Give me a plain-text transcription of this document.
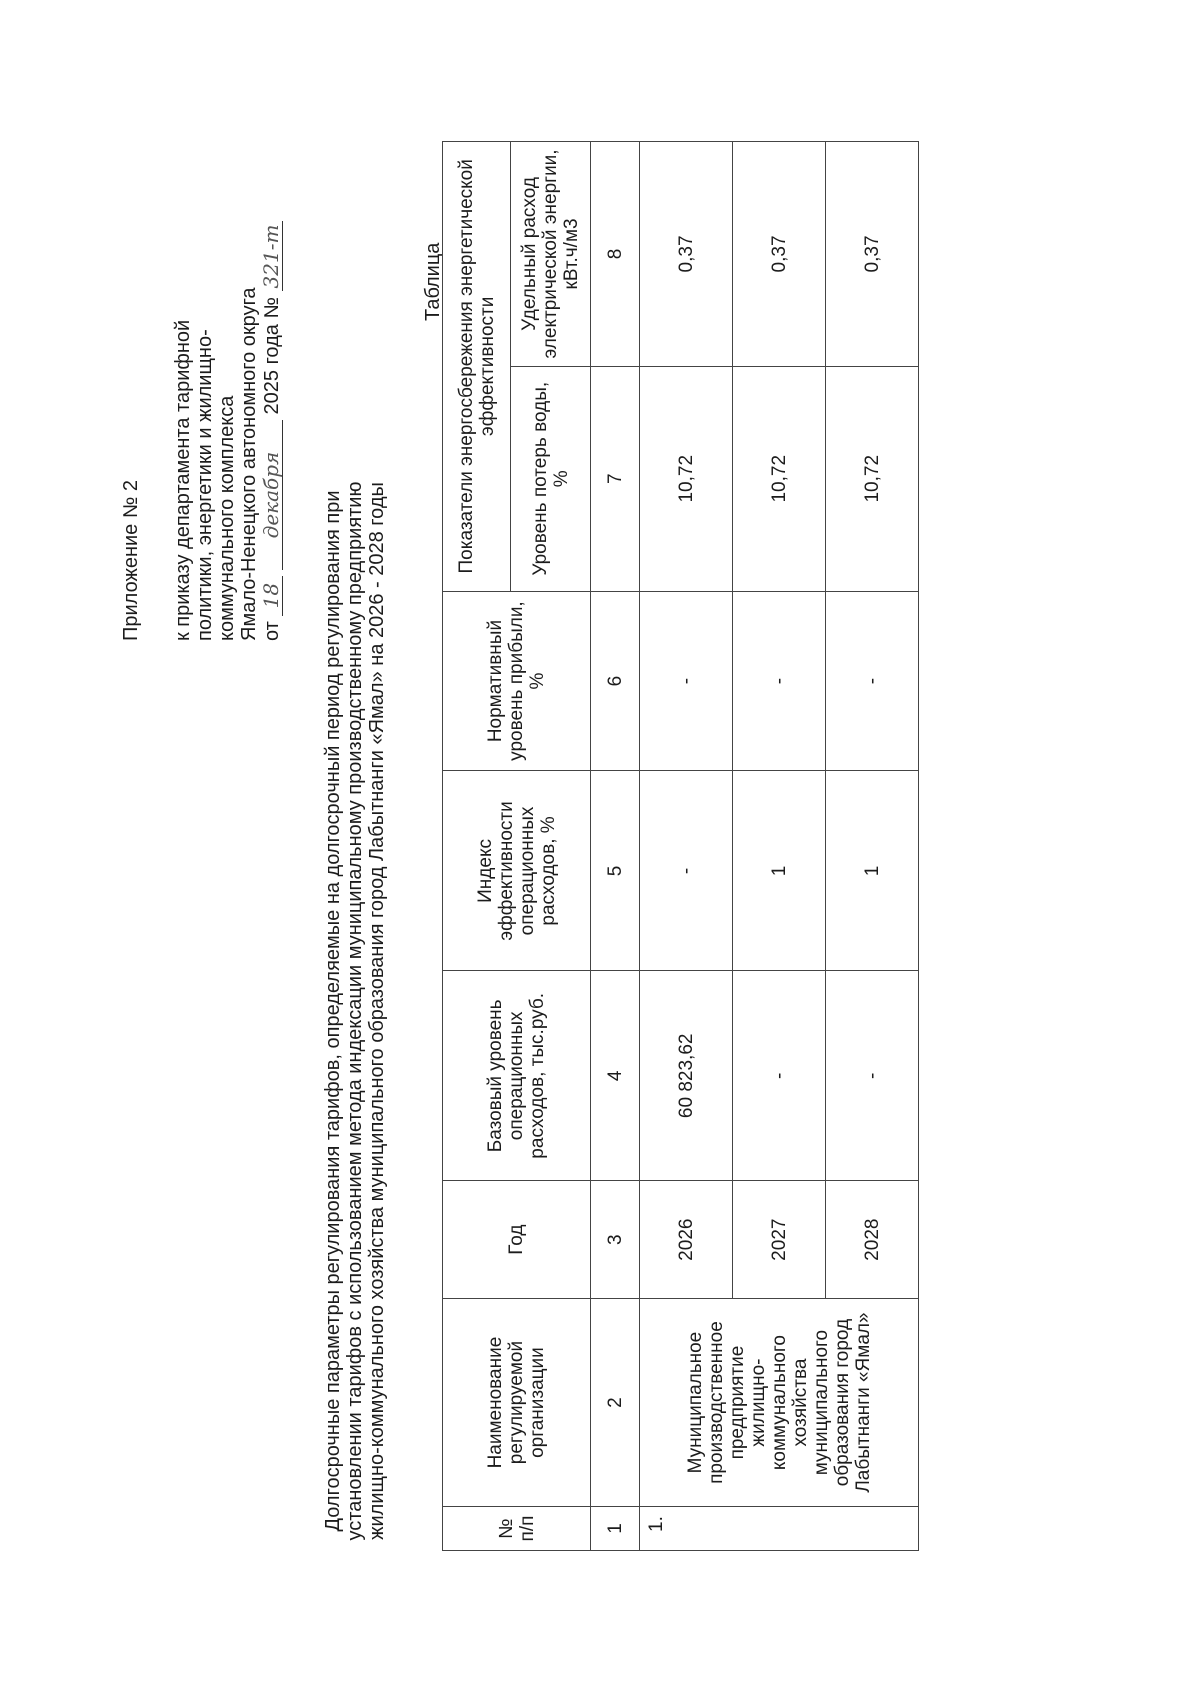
Приложение № 2 к приказу департамента тарифной политики, энергетики и жилищно- коммунального комплекса Ямало-Ненецкого автономного округа от 18 декабря 2025 года № 321-т
Долгосрочные параметры регулирования тарифов, определяемые на долгосрочный период регулирования при установлении тарифов с использованием метода индексации муниципальному производственному предприятию жилищно-коммунального хозяйства муниципального образования город Лабытнанги «Ямал» на 2026 - 2028 годы
Таблица
№ п/п	Наименование регулируемой организации	Год	Базовый уровень операционных расходов, тыс.руб.	Индекс эффективности операционных расходов, %	Нормативный уровень прибыли, %	Показатели энергосбережения энергетической эффективности	
						Уровень потерь воды, %	Удельный расход электрической энергии, кВт.ч/м3
1	2	3	4	5	6	7	8
1.	Муниципальное производственное предприятие жилищно-коммунального хозяйства муниципального образования город Лабытнанги «Ямал»	2026	60 823,62	-	-	10,72	0,37
		2027	-	1	-	10,72	0,37
		2028	-	1	-	10,72	0,37
